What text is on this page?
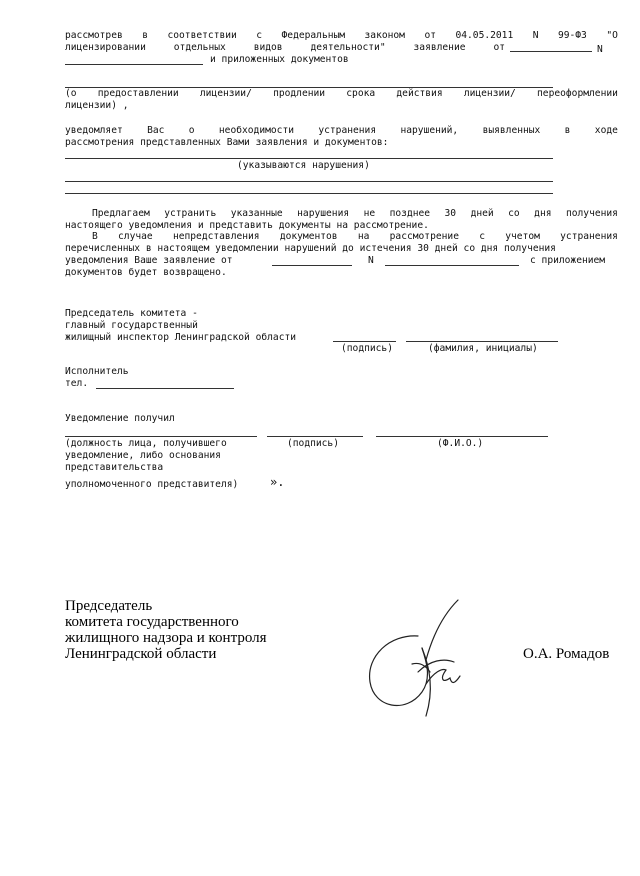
рассмотрев в соответствии с Федеральным законом от 04.05.2011 N 99-ФЗ "О
лицензировании	отдельных	видов	деятельности"	заявление	от	N
и приложенных документов
(о предоставлении лицензии/ продлении срока действия лицензии/ переоформлении
лицензии) ,
уведомляет	Вас	о	необходимости	устранения	нарушений,	выявленных	в	ходе
рассмотрения представленных Вами заявления и документов:
(указываются нарушения)
Предлагаем устранить указанные нарушения не позднее 30 дней со дня получения
настоящего уведомления и представить документы на рассмотрение.
В случае непредставления документов на рассмотрение с учетом устранения
перечисленных в настоящем уведомлении нарушений до истечения 30 дней со дня получения
уведомления Ваше заявление от	N	с приложением
документов будет возвращено.
Председатель комитета -
главный государственный
жилищный инспектор Ленинградской области
(подпись)	(фамилия, инициалы)
Исполнитель
тел.
Уведомление получил
(должность лица, получившего	(подпись)	(Ф.И.О.)
уведомление, либо основания
представительства
уполномоченного представителя)	».
Председатель
комитета государственного
жилищного надзора и контроля
Ленинградской области	О.А. Ромадов
